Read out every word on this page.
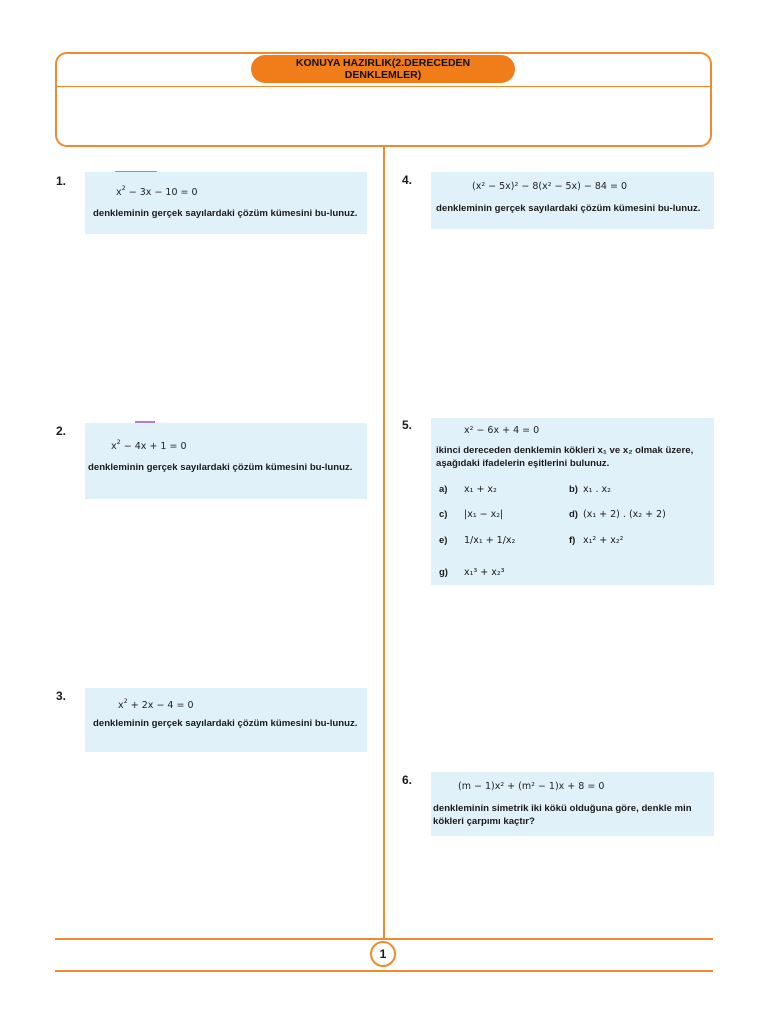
KONUYA HAZIRLIK(2.DERECEDEN DENKLEMLER)
1
1.
$x^2 - 3x - 10 = 0$
denkleminin gerçek sayılardaki çözüm kümesini bu-lunuz.
2.
$x^2 - 4x + 1 = 0$
denkleminin gerçek sayılardaki çözüm kümesini bu-lunuz.
3.
$x^2 + 2x - 4 = 0$
denkleminin gerçek sayılardaki çözüm kümesini bu-lunuz.
4.	(x² − 5x)² − 8(x² − 5x) − 84 = 0
denkleminin gerçek sayılardaki çözüm kümesini bu-lunuz.
5.	x² − 6x + 4 = 0
ikinci dereceden denklemin kökleri x₁ ve x₂ olmak üzere, aşağıdaki ifadelerin eşitlerini bulunuz.
a) x₁ + x₂	b) x₁ . x₂
c) |x₁ − x₂|	d) (x₁ + 2) . (x₂ + 2)
e) 1/x₁ + 1/x₂	f) x₁² + x₂²
g) x₁³ + x₂³
6.	(m − 1)x² + (m² − 1)x + 8 = 0
denkleminin simetrik iki kökü olduğuna göre, denkle min kökleri çarpımı kaçtır?
